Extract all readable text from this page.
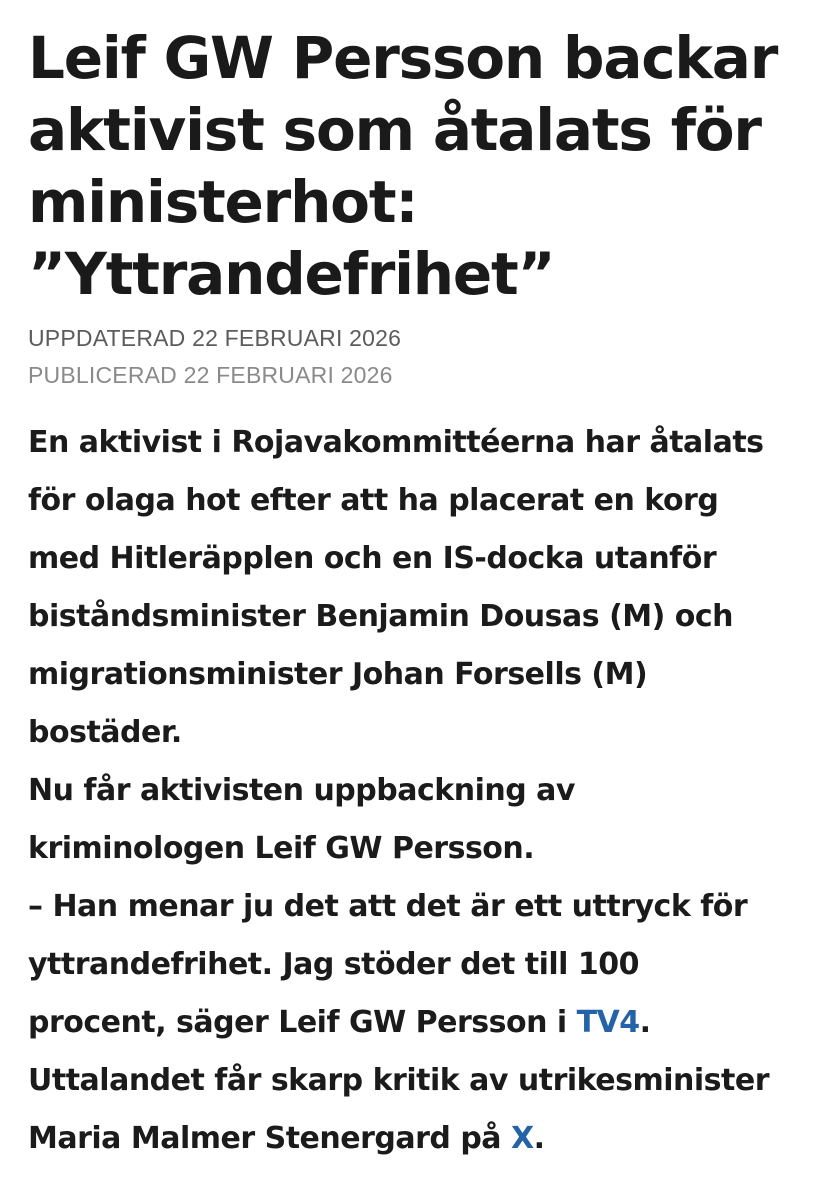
Leif GW Persson backar
aktivist som åtalats för
ministerhot:
”Yttrandefrihet”
UPPDATERAD 22 FEBRUARI 2026
PUBLICERAD 22 FEBRUARI 2026
En aktivist i Rojavakommittéerna har åtalats
för olaga hot efter att ha placerat en korg
med Hitleräpplen och en IS-docka utanför
biståndsminister Benjamin Dousas (M) och
migrationsminister Johan Forsells (M)
bostäder.
Nu får aktivisten uppbackning av
kriminologen Leif GW Persson.
– Han menar ju det att det är ett uttryck för
yttrandefrihet. Jag stöder det till 100
procent, säger Leif GW Persson i TV4.
Uttalandet får skarp kritik av utrikesminister
Maria Malmer Stenergard på X.
